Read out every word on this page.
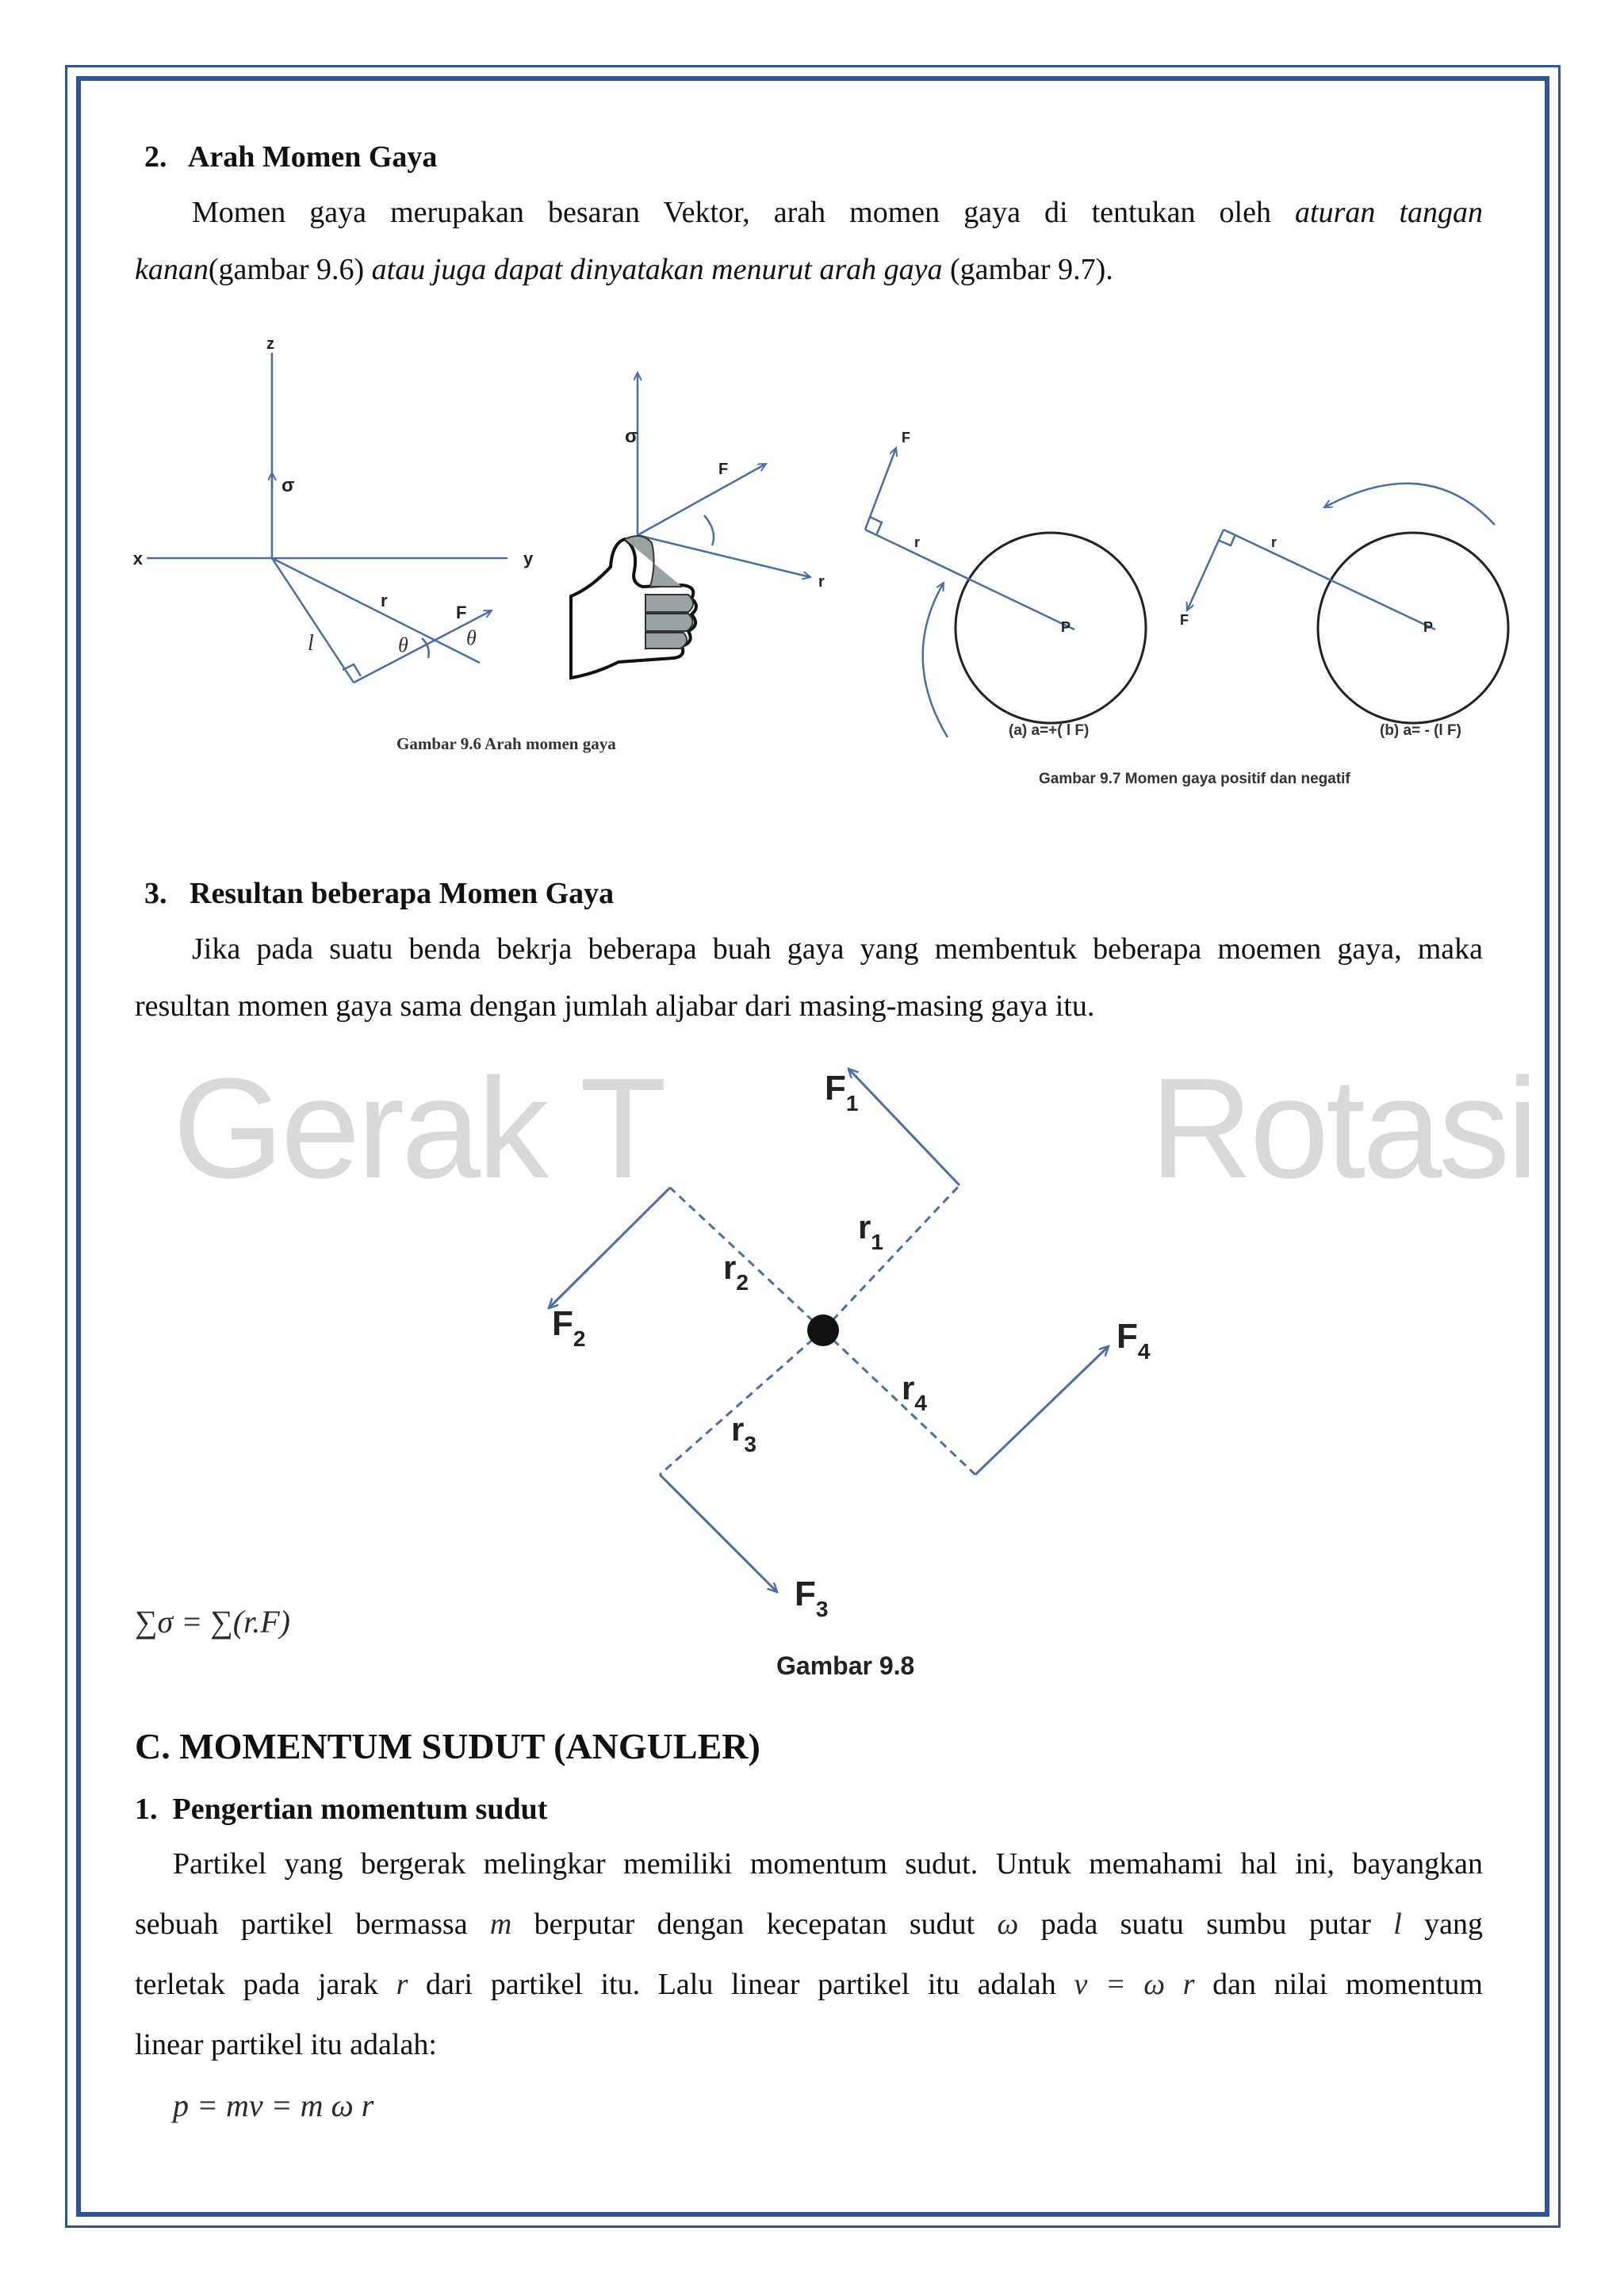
2. Arah Momen Gaya
Momen gaya merupakan besaran Vektor, arah momen gaya di tentukan oleh aturan tangan
kanan(gambar 9.6) atau juga dapat dinyatakan menurut arah gaya (gambar 9.7).
z
x	y
σ
r
F
l	θ	θ
σ
F
r
Gambar 9.6 Arah momen gaya
F
r
P
(a) a=+( l F)
F
r
P
(b) a= - (l F)
Gambar 9.7 Momen gaya positif dan negatif
3. Resultan beberapa Momen Gaya
Jika pada suatu benda bekrja beberapa buah gaya yang membentuk beberapa moemen gaya, maka
resultan momen gaya sama dengan jumlah aljabar dari masing-masing gaya itu.
Gerak T	Rotasi
$F_1$
$r_1$
$r_2$
$F_2$	$F_4$
$r_4$
$r_3$
$F_3$
Gambar 9.8
∑σ = ∑(r.F)
C. MOMENTUM SUDUT (ANGULER)
1. Pengertian momentum sudut
Partikel yang bergerak melingkar memiliki momentum sudut. Untuk memahami hal ini, bayangkan
sebuah partikel bermassa m berputar dengan kecepatan sudut ω pada suatu sumbu putar l yang
terletak pada jarak r dari partikel itu. Lalu linear partikel itu adalah v = ω r dan nilai momentum
linear partikel itu adalah:
p = mv = m ω r
